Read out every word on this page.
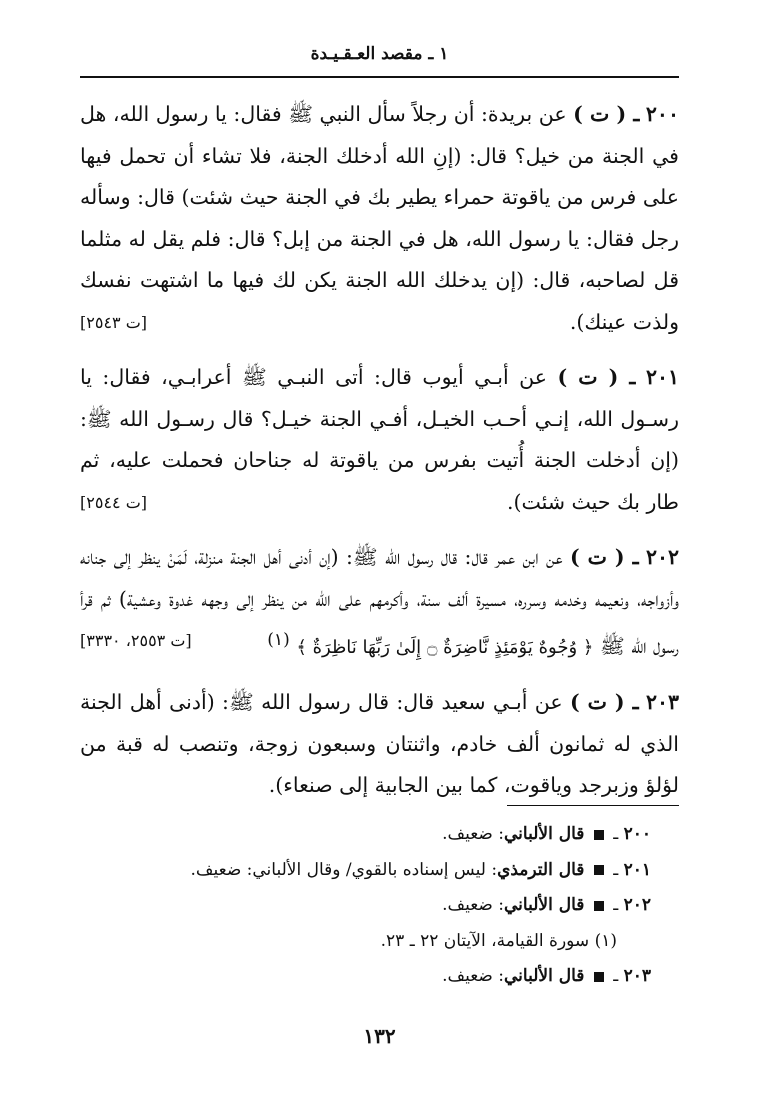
١ ـ مقصد العـقـيـدة

٢٠٠ ـ ( ت ) عن بريدة: أن رجلاً سأل النبي ﷺ فقال: يا رسول الله، هل في الجنة من خيل؟ قال: (إنِ الله أدخلك الجنة، فلا تشاء أن تحمل فيها على فرس من ياقوتة حمراء يطير بك في الجنة حيث شئت) قال: وسأله رجل فقال: يا رسول الله، هل في الجنة من إبل؟ قال: فلم يقل له مثلما قل لصاحبه، قال: (إن يدخلك الله الجنة يكن لك فيها ما اشتهت نفسك ولذت عينك).
[ت ٢٥٤٣]

٢٠١ ـ ( ت ) عن أبـي أيوب قال: أتى النبـي ﷺ أعرابـي، فقال: يا رسـول الله، إنـي أحـب الخيـل، أفـي الجنة خيـل؟ قال رسـول الله ﷺ: (إن أدخلت الجنة أُتيت بفرس من ياقوتة له جناحان فحملت عليه، ثم طار بك حيث شئت).
[ت ٢٥٤٤]

٢٠٢ ـ ( ت ) عن ابن عمر قال: قال رسول الله ﷺ: (إن أدنى أهل الجنة منزلة، لَمَنْ ينظر إلى جنانه وأزواجه، ونعيمه وخدمه وسرره، مسيرة ألف سنة، وأكرمهم على الله من ينظر إلى وجهه غدوة وعشية) ثم قرأ رسول الله ﷺ ﴿ وُجُوهٌ يَوْمَئِذٍ نَّاضِرَةٌ ۝ إِلَىٰ رَبِّهَا نَاظِرَةٌ ﴾ $^{(١)}$
[ت ٢٥٥٣، ٣٣٣٠]

٢٠٣ ـ ( ت ) عن أبـي سعيد قال: قال رسول الله ﷺ: (أدنى أهل الجنة الذي له ثمانون ألف خادم، واثنتان وسبعون زوجة، وتنصب له قبة من لؤلؤ وزبرجد وياقوت، كما بين الجابية إلى صنعاء).

٢٠٠ ـ  قال الألباني: ضعيف.

٢٠١ ـ  قال الترمذي: ليس إسناده بالقوي/ وقال الألباني: ضعيف.

٢٠٢ ـ  قال الألباني: ضعيف.

(١) سورة القيامة، الآيتان ٢٢ ـ ٢٣.

٢٠٣ ـ  قال الألباني: ضعيف.

١٣٢
